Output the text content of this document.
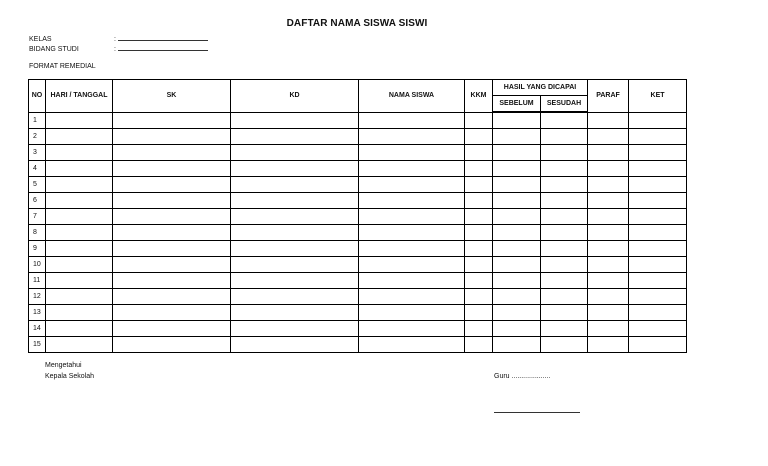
DAFTAR NAMA SISWA SISWI
KELAS	:
BIDANG STUDI	:
FORMAT REMEDIAL
NO	HARI / TANGGAL	SK	KD	NAMA SISWA	KKM	HASIL YANG DICAPAI		PARAF	KET
						SEBELUM	SESUDAH		
1									
2									
3									
4									
5									
6									
7									
8									
9									
10									
11									
12									
13									
14									
15									
Mengetahui
Kepala Sekolah	Guru ....................
